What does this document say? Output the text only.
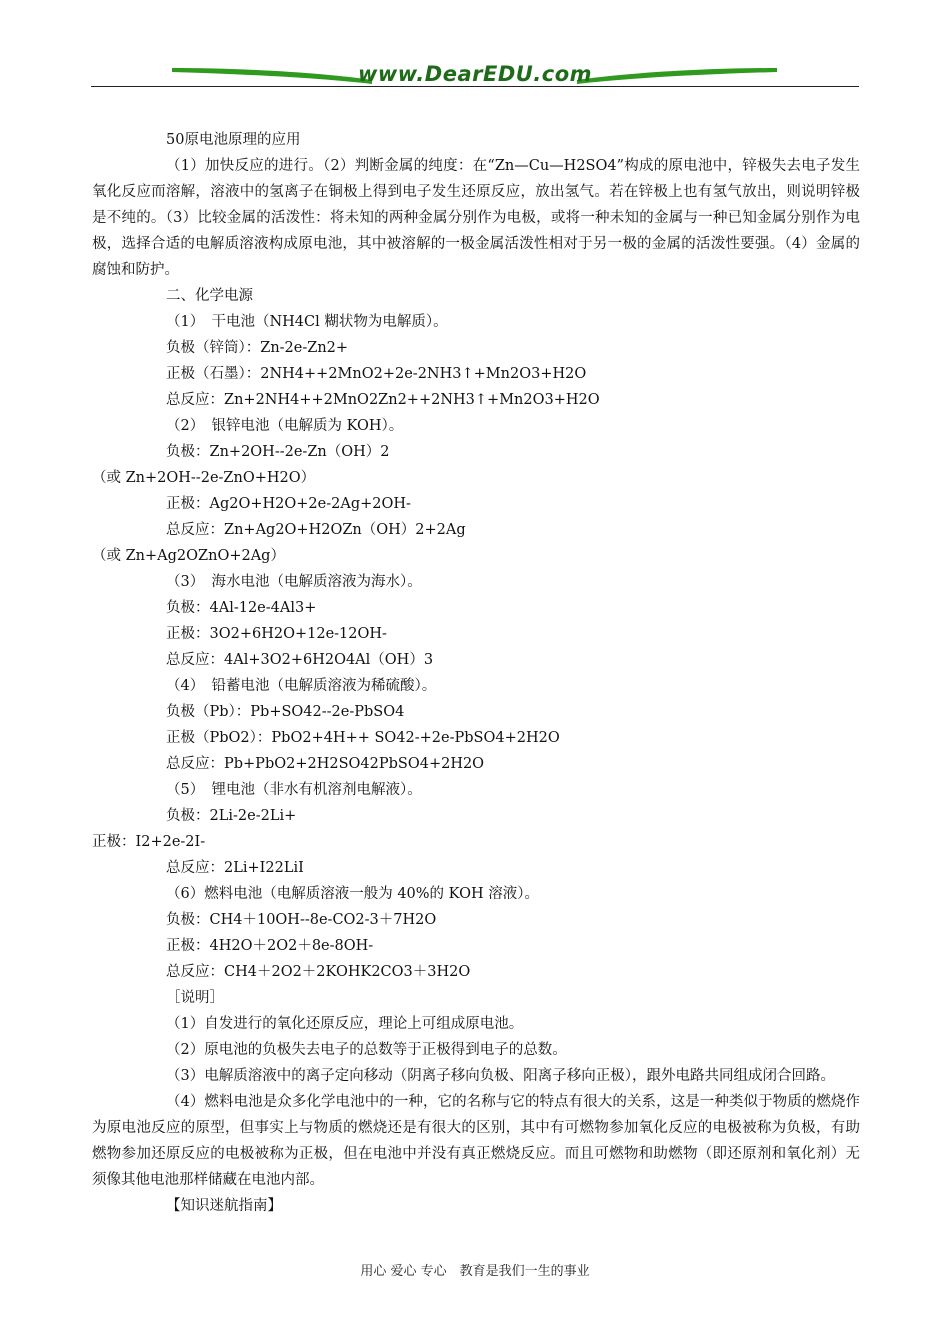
www.DearEDU.com
50原电池原理的应用
（1）加快反应的进行。（2）判断金属的纯度：在“Zn—Cu—H2SO4”构成的原电池中，锌极失去电子发生氧化反应而溶解，溶液中的氢离子在铜极上得到电子发生还原反应，放出氢气。若在锌极上也有氢气放出，则说明锌极是不纯的。（3）比较金属的活泼性：将未知的两种金属分别作为电极，或将一种未知的金属与一种已知金属分别作为电极，选择合适的电解质溶液构成原电池，其中被溶解的一极金属活泼性相对于另一极的金属的活泼性要强。（4）金属的腐蚀和防护。
二、化学电源
（1）　干电池（NH4Cl 糊状物为电解质）。
负极（锌筒）：Zn-2e-Zn2+
正极（石墨）：2NH4++2MnO2+2e-2NH3↑+Mn2O3+H2O
总反应：Zn+2NH4++2MnO2Zn2++2NH3↑+Mn2O3+H2O
（2）　银锌电池（电解质为 KOH）。
负极：Zn+2OH--2e-Zn（OH）2
（或 Zn+2OH--2e-ZnO+H2O）
正极：Ag2O+H2O+2e-2Ag+2OH-
总反应：Zn+Ag2O+H2OZn（OH）2+2Ag
（或 Zn+Ag2OZnO+2Ag）
（3）　海水电池（电解质溶液为海水）。
负极：4Al-12e-4Al3+
正极：3O2+6H2O+12e-12OH-
总反应：4Al+3O2+6H2O4Al（OH）3
（4）　铅蓄电池（电解质溶液为稀硫酸）。
负极（Pb）：Pb+SO42--2e-PbSO4
正极（PbO2）：PbO2+4H++ SO42-+2e-PbSO4+2H2O
总反应：Pb+PbO2+2H2SO42PbSO4+2H2O
（5）　锂电池（非水有机溶剂电解液）。
负极：2Li-2e-2Li+
正极：I2+2e-2I-
总反应：2Li+I22LiI
（6）燃料电池（电解质溶液一般为 40%的 KOH 溶液）。
负极：CH4＋10OH--8e-CO2-3＋7H2O
正极：4H2O＋2O2＋8e-8OH-
总反应：CH4＋2O2＋2KOHK2CO3＋3H2O
［说明］
（1）自发进行的氧化还原反应，理论上可组成原电池。
（2）原电池的负极失去电子的总数等于正极得到电子的总数。
（3）电解质溶液中的离子定向移动（阴离子移向负极、阳离子移向正极），跟外电路共同组成闭合回路。
（4）燃料电池是众多化学电池中的一种，它的名称与它的特点有很大的关系，这是一种类似于物质的燃烧作为原电池反应的原型，但事实上与物质的燃烧还是有很大的区别，其中有可燃物参加氧化反应的电极被称为负极，有助燃物参加还原反应的电极被称为正极，但在电池中并没有真正燃烧反应。而且可燃物和助燃物（即还原剂和氧化剂）无须像其他电池那样储藏在电池内部。
【知识迷航指南】
用心 爱心 专心　教育是我们一生的事业
